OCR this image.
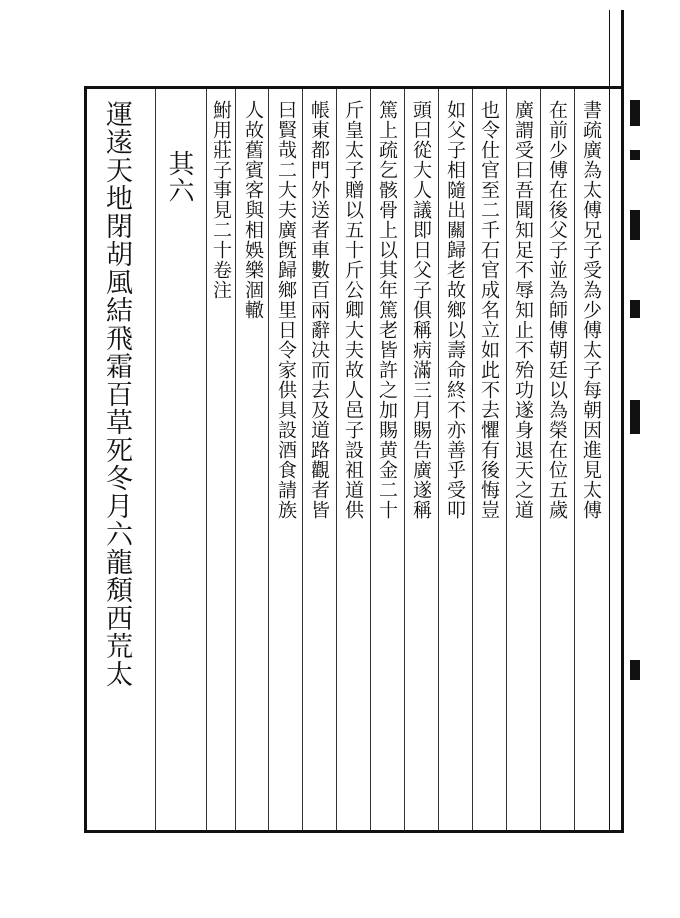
運逺天地閉胡風結飛霜百草死冬月六龍頽西荒太 其六 鮒用莊子事見二十卷注 人故舊賓客與相娛樂涸轍 曰賢哉二大夫廣旣歸鄉里日令家供具設酒食請族 帳東都門外送者車數百兩辭决而去及道路觀者皆 斤皇太子贈以五十斤公卿大夫故人邑子設祖道供 篤上疏乞骸骨上以其年篤老皆許之加賜黄金二十 頭曰從大人議即日父子俱稱病滿三月賜告廣遂稱 如父子相隨出關歸老故鄉以壽命終不亦善乎受叩 也令仕官至二千石官成名立如此不去懼有後悔豈 廣謂受曰吾聞知足不辱知止不殆功遂身退天之道 在前少傅在後父子並為師傅朝廷以為榮在位五歲 書疏廣為太傅兄子受為少傅太子每朝因進見太傅
